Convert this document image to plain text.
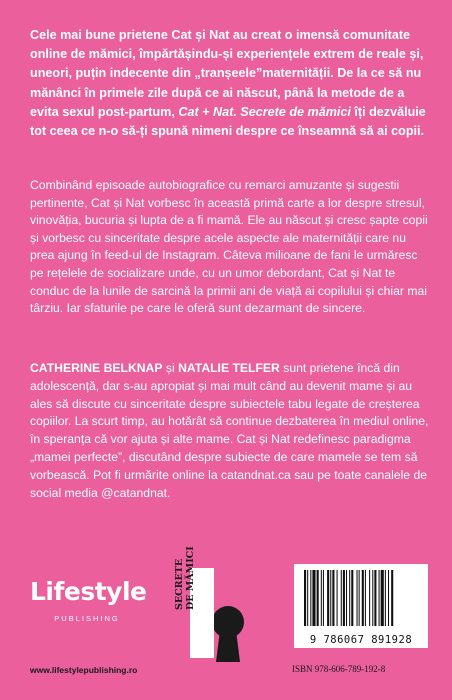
Cele mai bune prietene Cat și Nat au creat o imensă comunitate online de mămici, împărtășindu-și experiențele extrem de reale și, uneori, puțin indecente din „tranșeele”maternității. De la ce să nu mănânci în primele zile după ce ai născut, până la metode de a evita sexul post-partum, Cat + Nat. Secrete de mămici îți dezvăluie tot ceea ce n-o să-ți spună nimeni despre ce înseamnă să ai copii.
Combinând episoade autobiografice cu remarci amuzante și sugestii pertinente, Cat și Nat vorbesc în această primă carte a lor despre stresul, vinovăția, bucuria și lupta de a fi mamă. Ele au născut și cresc șapte copii și vorbesc cu sinceritate despre acele aspecte ale maternității care nu prea ajung în feed-ul de Instagram. Câteva milioane de fani le urmăresc pe rețelele de socializare unde, cu un umor debordant, Cat și Nat te conduc de la lunile de sarcină la primii ani de viață ai copilului și chiar mai târziu. Iar sfaturile pe care le oferă sunt dezarmant de sincere.
CATHERINE BELKNAP și NATALIE TELFER sunt prietene încă din adolescență, dar s-au apropiat și mai mult când au devenit mame și au ales să discute cu sinceritate despre subiectele tabu legate de creșterea copiilor. La scurt timp, au hotărât să continue dezbaterea în mediul online, în speranța că vor ajuta și alte mame. Cat și Nat redefinesc paradigma „mamei perfecte”, discutând despre subiecte de care mamele se tem să vorbească. Pot fi urmărite online la catandnat.ca sau pe toate canalele de social media @catandnat.
Lifestyle
PUBLISHING
SECRETE DE MĂMICI
9 786067 891928
www.lifestylepublishing.ro	ISBN 978-606-789-192-8
